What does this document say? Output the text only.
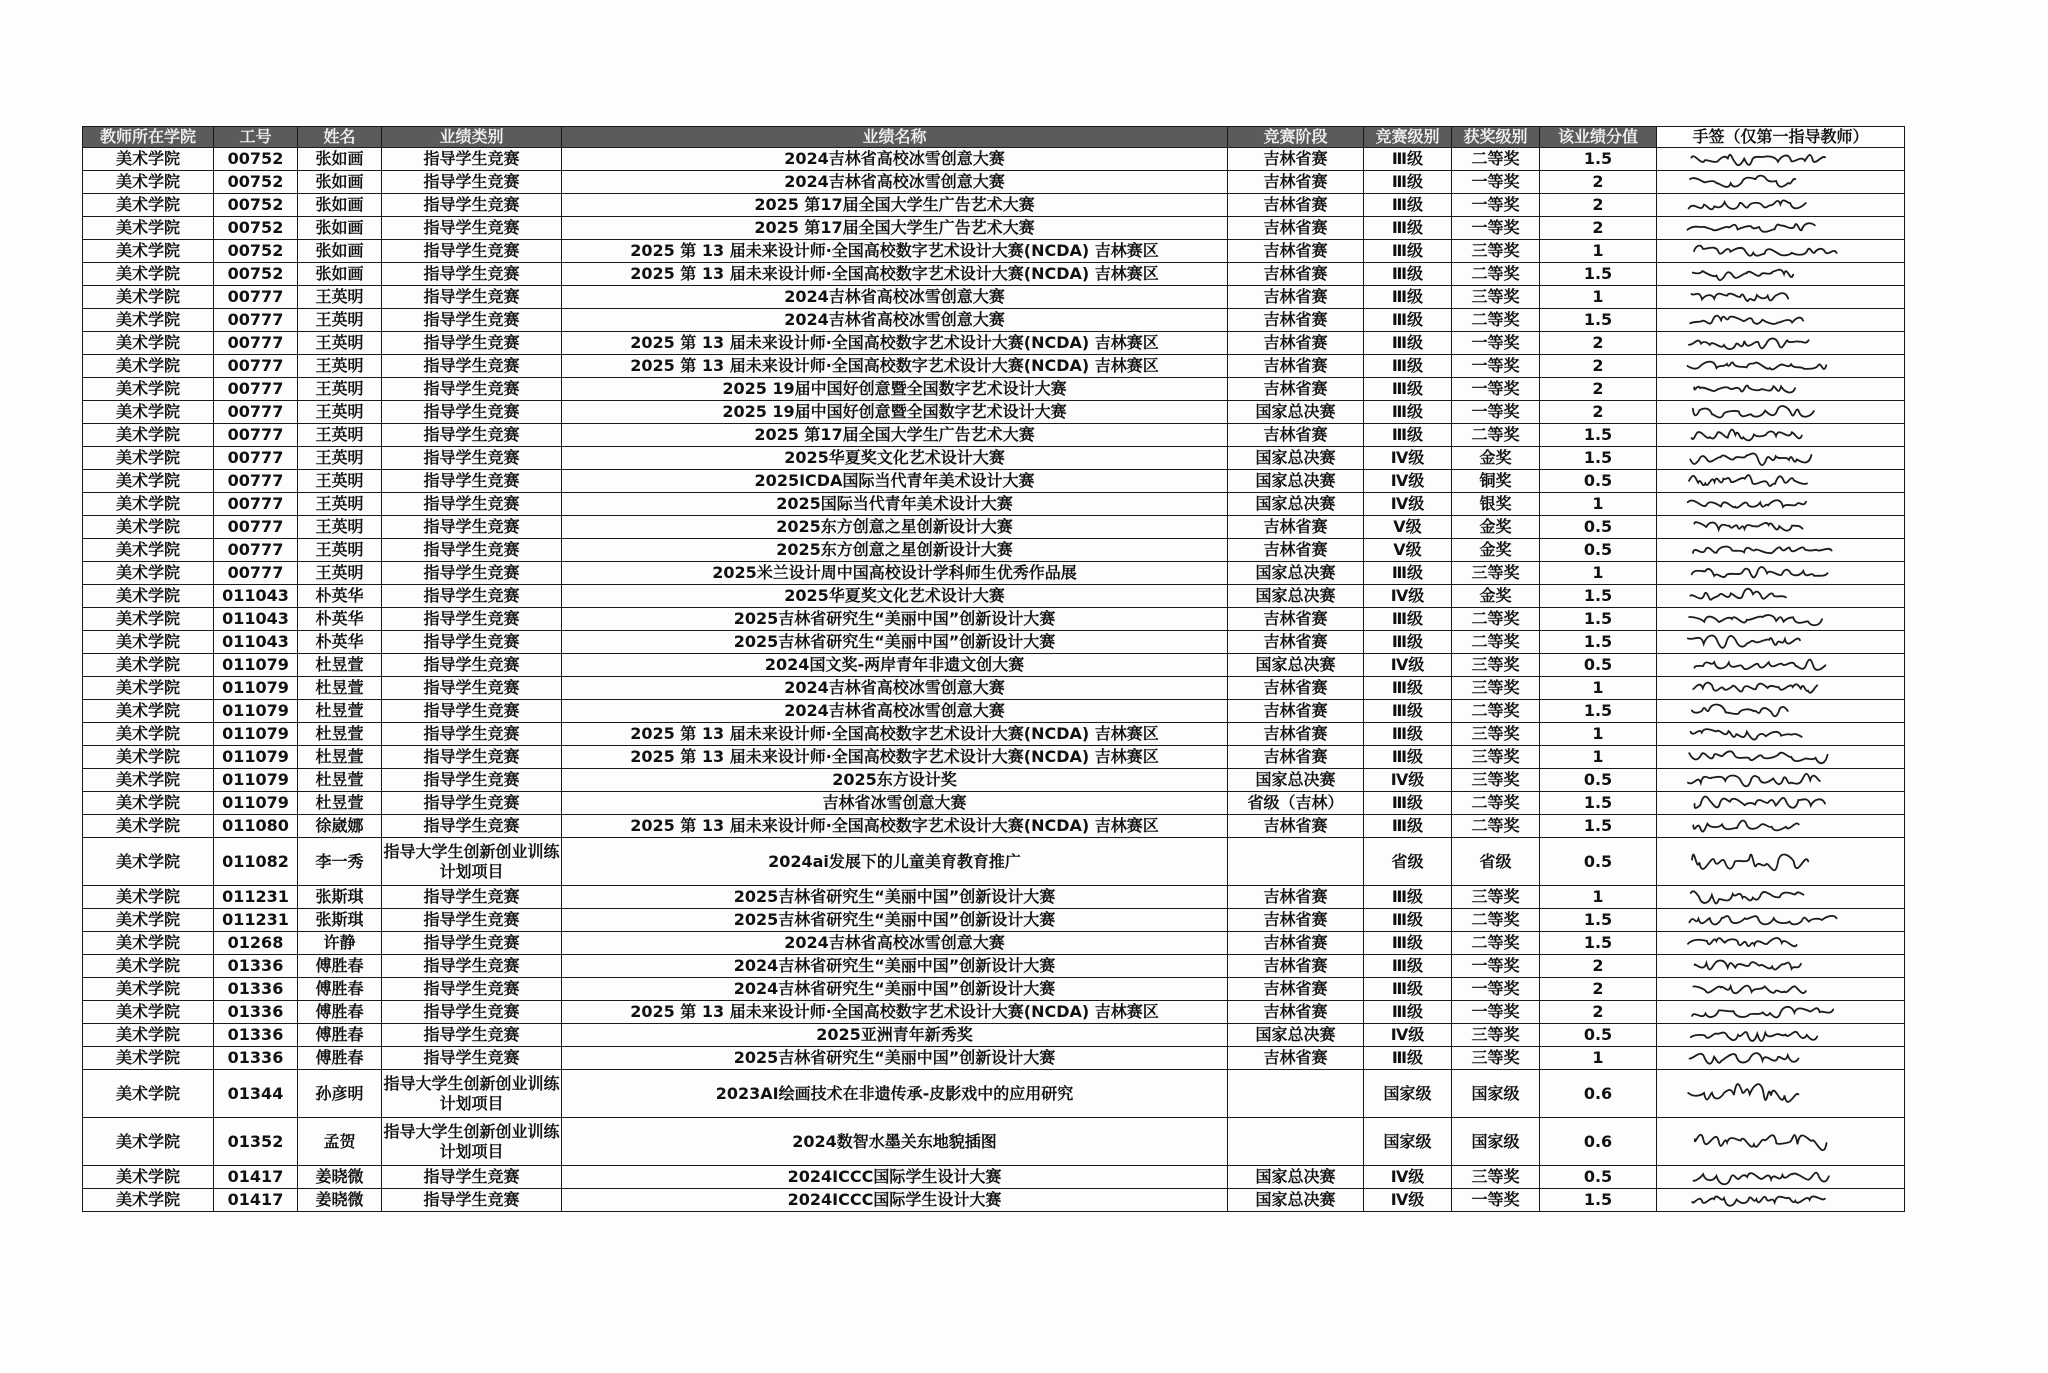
教师所在学院	工号	姓名	业绩类别	业绩名称	竞赛阶段	竞赛级别	获奖级别	该业绩分值	手签（仅第一指导教师）
美术学院	00752	张如画	指导学生竞赛	2024吉林省高校冰雪创意大赛	吉林省赛	Ⅲ级	二等奖	1.5	

美术学院	00752	张如画	指导学生竞赛	2024吉林省高校冰雪创意大赛	吉林省赛	Ⅲ级	一等奖	2	

美术学院	00752	张如画	指导学生竞赛	2025 第17届全国大学生广告艺术大赛	吉林省赛	Ⅲ级	一等奖	2	

美术学院	00752	张如画	指导学生竞赛	2025 第17届全国大学生广告艺术大赛	吉林省赛	Ⅲ级	一等奖	2	

美术学院	00752	张如画	指导学生竞赛	2025 第 13 届未来设计师·全国高校数字艺术设计大赛(NCDA) 吉林赛区	吉林省赛	Ⅲ级	三等奖	1	

美术学院	00752	张如画	指导学生竞赛	2025 第 13 届未来设计师·全国高校数字艺术设计大赛(NCDA) 吉林赛区	吉林省赛	Ⅲ级	二等奖	1.5	

美术学院	00777	王英明	指导学生竞赛	2024吉林省高校冰雪创意大赛	吉林省赛	Ⅲ级	三等奖	1	

美术学院	00777	王英明	指导学生竞赛	2024吉林省高校冰雪创意大赛	吉林省赛	Ⅲ级	二等奖	1.5	

美术学院	00777	王英明	指导学生竞赛	2025 第 13 届未来设计师·全国高校数字艺术设计大赛(NCDA) 吉林赛区	吉林省赛	Ⅲ级	一等奖	2	

美术学院	00777	王英明	指导学生竞赛	2025 第 13 届未来设计师·全国高校数字艺术设计大赛(NCDA) 吉林赛区	吉林省赛	Ⅲ级	一等奖	2	

美术学院	00777	王英明	指导学生竞赛	2025 19届中国好创意暨全国数字艺术设计大赛	吉林省赛	Ⅲ级	一等奖	2	

美术学院	00777	王英明	指导学生竞赛	2025 19届中国好创意暨全国数字艺术设计大赛	国家总决赛	Ⅲ级	一等奖	2	

美术学院	00777	王英明	指导学生竞赛	2025 第17届全国大学生广告艺术大赛	吉林省赛	Ⅲ级	二等奖	1.5	

美术学院	00777	王英明	指导学生竞赛	2025华夏奖文化艺术设计大赛	国家总决赛	Ⅳ级	金奖	1.5	

美术学院	00777	王英明	指导学生竞赛	2025ICDA国际当代青年美术设计大赛	国家总决赛	Ⅳ级	铜奖	0.5	

美术学院	00777	王英明	指导学生竞赛	2025国际当代青年美术设计大赛	国家总决赛	Ⅳ级	银奖	1	

美术学院	00777	王英明	指导学生竞赛	2025东方创意之星创新设计大赛	吉林省赛	Ⅴ级	金奖	0.5	

美术学院	00777	王英明	指导学生竞赛	2025东方创意之星创新设计大赛	吉林省赛	Ⅴ级	金奖	0.5	

美术学院	00777	王英明	指导学生竞赛	2025米兰设计周中国高校设计学科师生优秀作品展	国家总决赛	Ⅲ级	三等奖	1	

美术学院	011043	朴英华	指导学生竞赛	2025华夏奖文化艺术设计大赛	国家总决赛	Ⅳ级	金奖	1.5	

美术学院	011043	朴英华	指导学生竞赛	2025吉林省研究生“美丽中国”创新设计大赛	吉林省赛	Ⅲ级	二等奖	1.5	

美术学院	011043	朴英华	指导学生竞赛	2025吉林省研究生“美丽中国”创新设计大赛	吉林省赛	Ⅲ级	二等奖	1.5	

美术学院	011079	杜昱萱	指导学生竞赛	2024国文奖-两岸青年非遗文创大赛	国家总决赛	Ⅳ级	三等奖	0.5	

美术学院	011079	杜昱萱	指导学生竞赛	2024吉林省高校冰雪创意大赛	吉林省赛	Ⅲ级	三等奖	1	

美术学院	011079	杜昱萱	指导学生竞赛	2024吉林省高校冰雪创意大赛	吉林省赛	Ⅲ级	二等奖	1.5	

美术学院	011079	杜昱萱	指导学生竞赛	2025 第 13 届未来设计师·全国高校数字艺术设计大赛(NCDA) 吉林赛区	吉林省赛	Ⅲ级	三等奖	1	

美术学院	011079	杜昱萱	指导学生竞赛	2025 第 13 届未来设计师·全国高校数字艺术设计大赛(NCDA) 吉林赛区	吉林省赛	Ⅲ级	三等奖	1	

美术学院	011079	杜昱萱	指导学生竞赛	2025东方设计奖	国家总决赛	Ⅳ级	三等奖	0.5	

美术学院	011079	杜昱萱	指导学生竞赛	吉林省冰雪创意大赛	省级（吉林）	Ⅲ级	二等奖	1.5	

美术学院	011080	徐崴娜	指导学生竞赛	2025 第 13 届未来设计师·全国高校数字艺术设计大赛(NCDA) 吉林赛区	吉林省赛	Ⅲ级	二等奖	1.5	

美术学院	011082	李一秀	指导大学生创新创业训练计划项目	2024ai发展下的儿童美育教育推广		省级	省级	0.5	

美术学院	011231	张斯琪	指导学生竞赛	2025吉林省研究生“美丽中国”创新设计大赛	吉林省赛	Ⅲ级	三等奖	1	

美术学院	011231	张斯琪	指导学生竞赛	2025吉林省研究生“美丽中国”创新设计大赛	吉林省赛	Ⅲ级	二等奖	1.5	

美术学院	01268	许静	指导学生竞赛	2024吉林省高校冰雪创意大赛	吉林省赛	Ⅲ级	二等奖	1.5	

美术学院	01336	傅胜春	指导学生竞赛	2024吉林省研究生“美丽中国”创新设计大赛	吉林省赛	Ⅲ级	一等奖	2	

美术学院	01336	傅胜春	指导学生竞赛	2024吉林省研究生“美丽中国”创新设计大赛	吉林省赛	Ⅲ级	一等奖	2	

美术学院	01336	傅胜春	指导学生竞赛	2025 第 13 届未来设计师·全国高校数字艺术设计大赛(NCDA) 吉林赛区	吉林省赛	Ⅲ级	一等奖	2	

美术学院	01336	傅胜春	指导学生竞赛	2025亚洲青年新秀奖	国家总决赛	Ⅳ级	三等奖	0.5	

美术学院	01336	傅胜春	指导学生竞赛	2025吉林省研究生“美丽中国”创新设计大赛	吉林省赛	Ⅲ级	三等奖	1	

美术学院	01344	孙彦明	指导大学生创新创业训练计划项目	2023AI绘画技术在非遗传承-皮影戏中的应用研究		国家级	国家级	0.6	

美术学院	01352	孟贺	指导大学生创新创业训练计划项目	2024数智水墨关东地貌插图		国家级	国家级	0.6	

美术学院	01417	姜晓微	指导学生竞赛	2024ICCC国际学生设计大赛	国家总决赛	Ⅳ级	三等奖	0.5	

美术学院	01417	姜晓微	指导学生竞赛	2024ICCC国际学生设计大赛	国家总决赛	Ⅳ级	一等奖	1.5	
